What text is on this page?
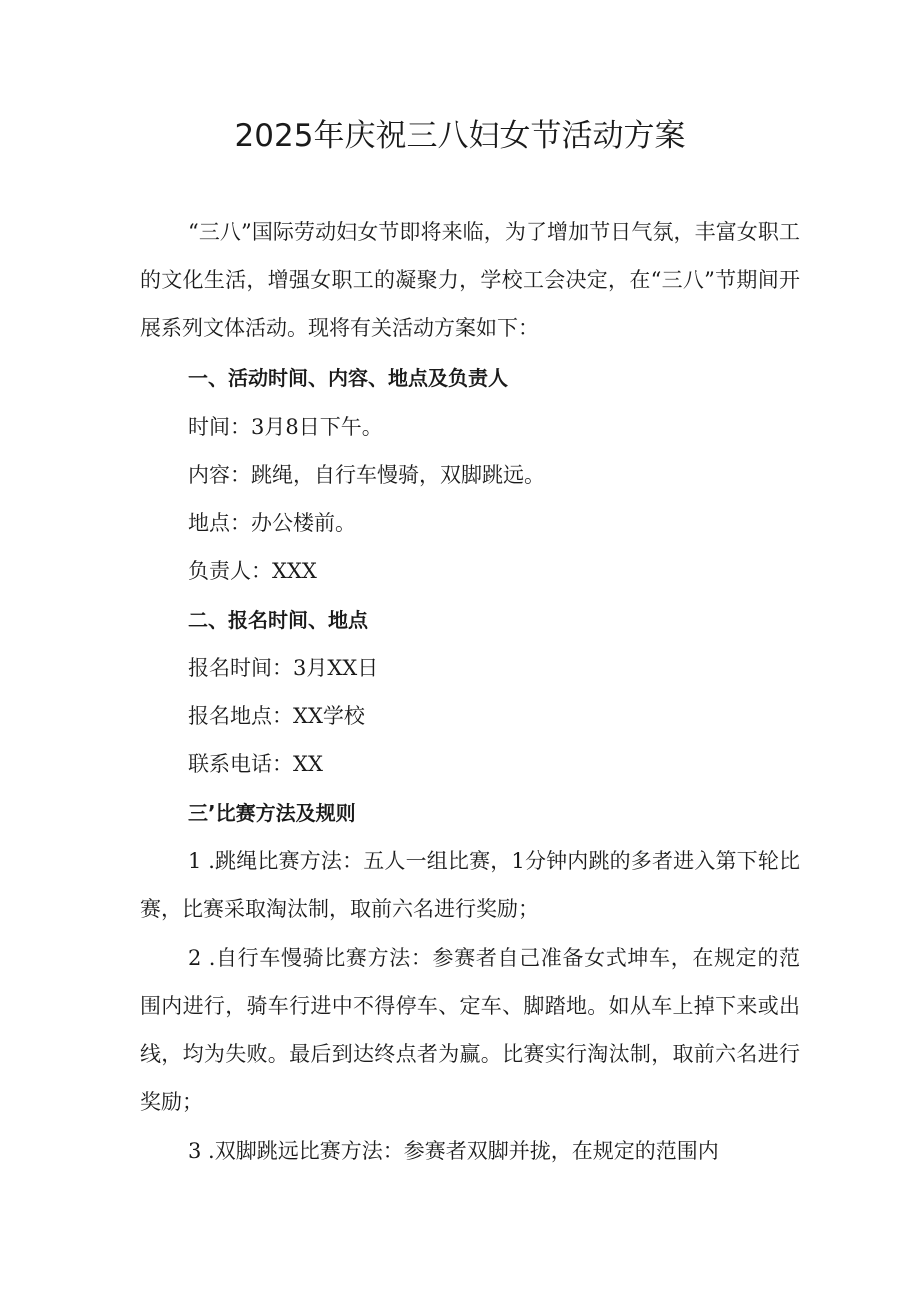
2025年庆祝三八妇女节活动方案

“三八”国际劳动妇女节即将来临，为了增加节日气氛，丰富女职工的文化生活，增强女职工的凝聚力，学校工会决定，在“三八”节期间开展系列文体活动。现将有关活动方案如下：

一、活动时间、内容、地点及负责人

时间：3月8日下午。

内容：跳绳，自行车慢骑，双脚跳远。

地点：办公楼前。

负责人：XXX

二、报名时间、地点

报名时间：3月XX日

报名地点：XX学校

联系电话：XX

三’比赛方法及规则

1 .跳绳比赛方法：五人一组比赛，1分钟内跳的多者进入第下轮比赛，比赛采取淘汰制，取前六名进行奖励；

2 .自行车慢骑比赛方法：参赛者自己准备女式坤车，在规定的范围内进行，骑车行进中不得停车、定车、脚踏地。如从车上掉下来或出线，均为失败。最后到达终点者为赢。比赛实行淘汰制，取前六名进行奖励；

3 .双脚跳远比赛方法：参赛者双脚并拢，在规定的范围内
